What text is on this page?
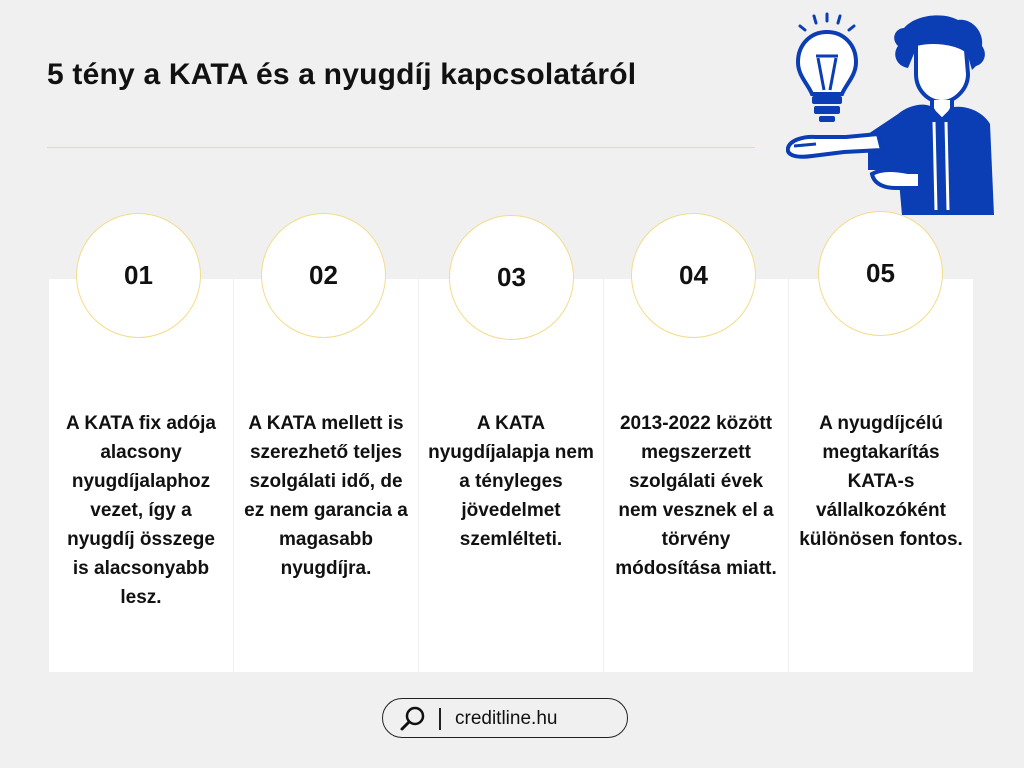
5 tény a KATA és a nyugdíj kapcsolatáról
A KATA fix adója alacsony nyugdíjalaphoz vezet, így a nyugdíj összege is alacsonyabb lesz.
A KATA mellett is szerezhető teljes szolgálati idő, de ez nem garancia a magasabb nyugdíjra.
A KATA nyugdíjalapja nem a tényleges jövedelmet szemlélteti.
2013-2022 között megszerzett szolgálati évek nem vesznek el a törvény módosítása miatt.
A nyugdíjcélú megtakarítás KATA-s vállalkozóként különösen fontos.
01	02	03	04	05
creditline.hu
